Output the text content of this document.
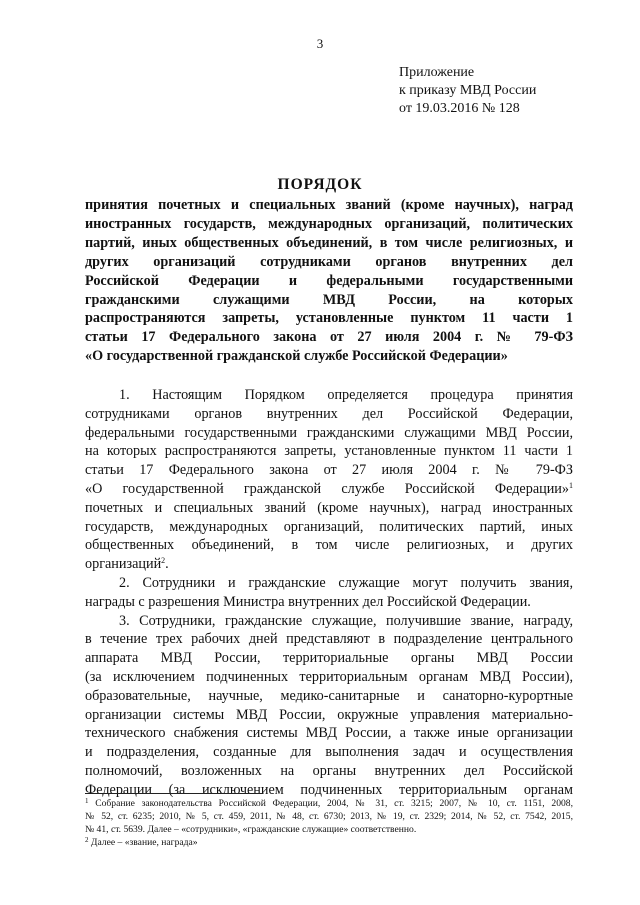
3
Приложение
к приказу МВД России
от 19.03.2016 № 128
ПОРЯДОК
принятия почетных и специальных званий (кроме научных), наград
иностранных государств, международных организаций, политических
партий, иных общественных объединений, в том числе религиозных, и
других организаций сотрудниками органов внутренних дел
Российской Федерации и федеральными государственными
гражданскими служащими МВД России, на которых
распространяются запреты, установленные пунктом 11 части 1
статьи 17 Федерального закона от 27 июля 2004 г. № 79-ФЗ
«О государственной гражданской службе Российской Федерации»
1. Настоящим Порядком определяется процедура принятия
сотрудниками органов внутренних дел Российской Федерации,
федеральными государственными гражданскими служащими МВД России,
на которых распространяются запреты, установленные пунктом 11 части 1
статьи 17 Федерального закона от 27 июля 2004 г. № 79-ФЗ
«О государственной гражданской службе Российской Федерации»$^1$
почетных и специальных званий (кроме научных), наград иностранных
государств, международных организаций, политических партий, иных
общественных объединений, в том числе религиозных, и других
организаций$^2$.
2. Сотрудники и гражданские служащие могут получить звания,
награды с разрешения Министра внутренних дел Российской Федерации.
3. Сотрудники, гражданские служащие, получившие звание, награду,
в течение трех рабочих дней представляют в подразделение центрального
аппарата МВД России, территориальные органы МВД России
(за исключением подчиненных территориальным органам МВД России),
образовательные, научные, медико-санитарные и санаторно-курортные
организации системы МВД России, окружные управления материально-
технического снабжения системы МВД России, а также иные организации
и подразделения, созданные для выполнения задач и осуществления
полномочий, возложенных на органы внутренних дел Российской
Федерации (за исключением подчиненных территориальным органам
$^1$ Собрание законодательства Российской Федерации, 2004, № 31, ст. 3215; 2007, № 10, ст. 1151, 2008,
№ 52, ст. 6235; 2010, № 5, ст. 459, 2011, № 48, ст. 6730; 2013, № 19, ст. 2329; 2014, № 52, ст. 7542, 2015,
№ 41, ст. 5639. Далее – «сотрудники», «гражданские служащие» соответственно.
$^2$ Далее – «звание, награда»
